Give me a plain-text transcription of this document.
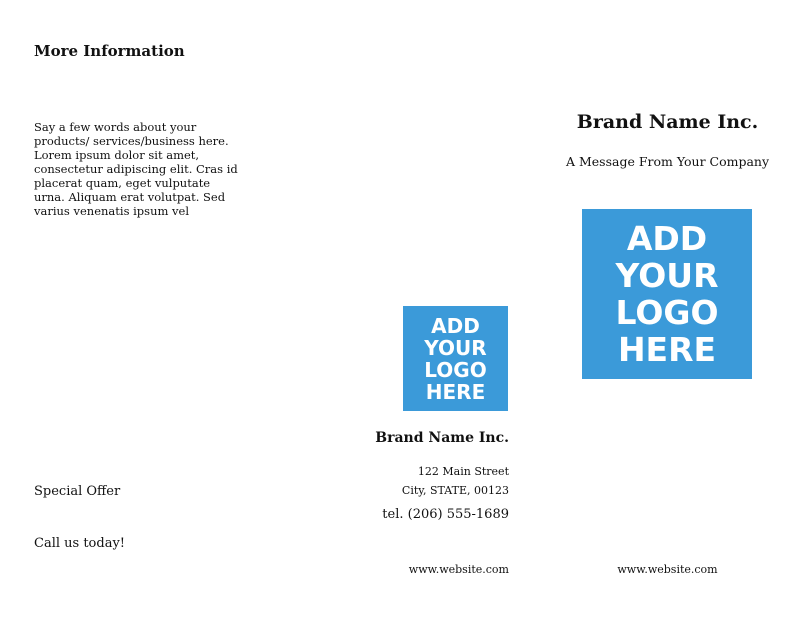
More Information
Say a few words about your products/ services/business here. Lorem ipsum dolor sit amet, consectetur adipiscing elit. Cras id placerat quam, eget vulputate urna. Aliquam erat volutpat. Sed varius venenatis ipsum vel
Special Offer
Call us today!
ADD
YOUR
LOGO
HERE
Brand Name Inc.
122 Main Street
City, STATE, 00123
tel. (206) 555-1689
www.website.com
Brand Name Inc.
A Message From Your Company
ADD
YOUR
LOGO
HERE
www.website.com
